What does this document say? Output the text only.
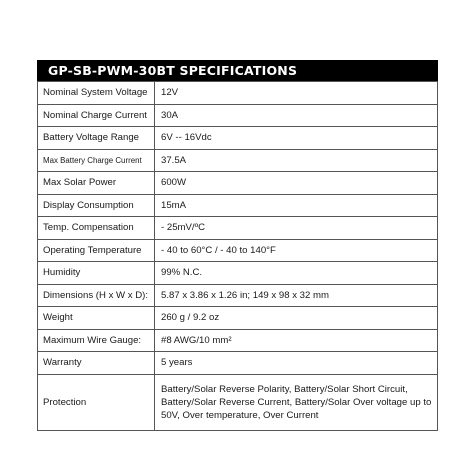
GP-SB-PWM-30BT SPECIFICATIONS
Nominal System Voltage	12V
Nominal Charge Current	30A
Battery Voltage Range	6V -- 16Vdc
Max Battery Charge Current	37.5A
Max Solar Power	600W
Display Consumption	15mA
Temp. Compensation	- 25mV/ºC
Operating Temperature	- 40 to 60°C / - 40 to 140°F
Humidity	99% N.C.
Dimensions (H x W x D):	5.87 x 3.86 x 1.26 in; 149 x 98 x 32 mm
Weight	260 g / 9.2 oz
Maximum Wire Gauge:	#8 AWG/10 mm²
Warranty	5 years
Protection	Battery/Solar Reverse Polarity, Battery/Solar Short Circuit, Battery/Solar Reverse Current, Battery/Solar Over voltage up to 50V, Over temperature, Over Current
